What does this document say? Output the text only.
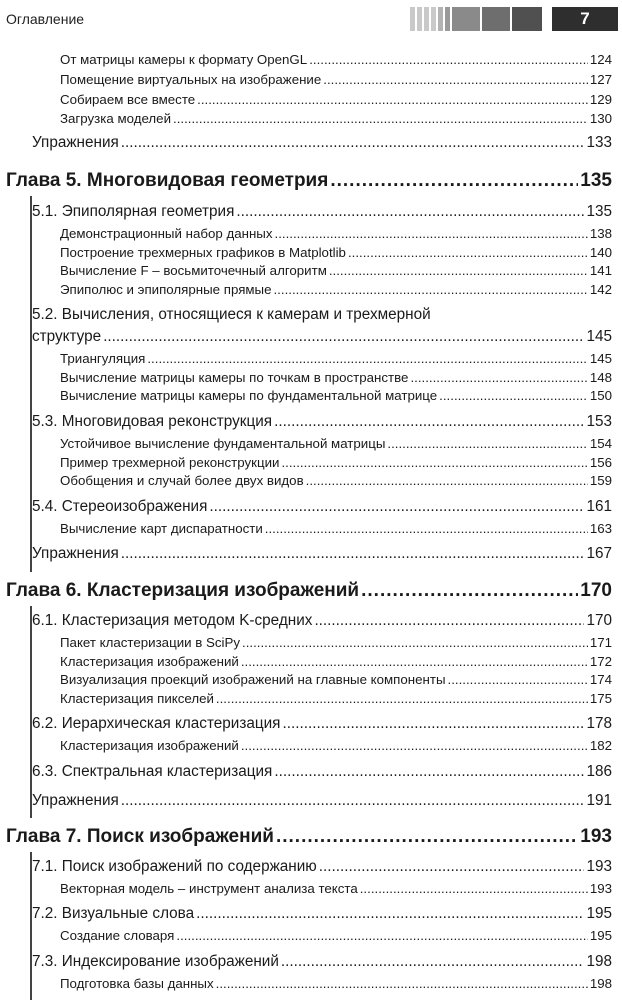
Оглавление	7
От матрицы камеры к формату OpenGL .....	124
Помещение виртуальных на изображение .....	127
Собираем все вместе .....	129
Загрузка моделей .....	130
Упражнения .....	133
Глава 5. Многовидовая геометрия .....	135
5.1. Эпиполярная геометрия .....	135
Демонстрационный набор данных .....	138
Построение трехмерных графиков в Matplotlib .....	140
Вычисление F – восьмиточечный алгоритм .....	141
Эпиполюс и эпиполярные прямые .....	142
5.2. Вычисления, относящиеся к камерам и трехмерной
структуре .....	145
Триангуляция .....	145
Вычисление матрицы камеры по точкам в пространстве .....	148
Вычисление матрицы камеры по фундаментальной матрице .....	150
5.3. Многовидовая реконструкция .....	153
Устойчивое вычисление фундаментальной матрицы .....	154
Пример трехмерной реконструкции .....	156
Обобщения и случай более двух видов .....	159
5.4. Стереоизображения .....	161
Вычисление карт диспаратности .....	163
Упражнения .....	167
Глава 6. Кластеризация изображений .....	170
6.1. Кластеризация методом K-средних .....	170
Пакет кластеризации в SciPy .....	171
Кластеризация изображений .....	172
Визуализация проекций изображений на главные компоненты .....	174
Кластеризация пикселей .....	175
6.2. Иерархическая кластеризация .....	178
Кластеризация изображений .....	182
6.3. Спектральная кластеризация .....	186
Упражнения .....	191
Глава 7. Поиск изображений .....	193
7.1. Поиск изображений по содержанию .....	193
Векторная модель – инструмент анализа текста .....	193
7.2. Визуальные слова .....	195
Создание словаря .....	195
7.3. Индексирование изображений .....	198
Подготовка базы данных .....	198
